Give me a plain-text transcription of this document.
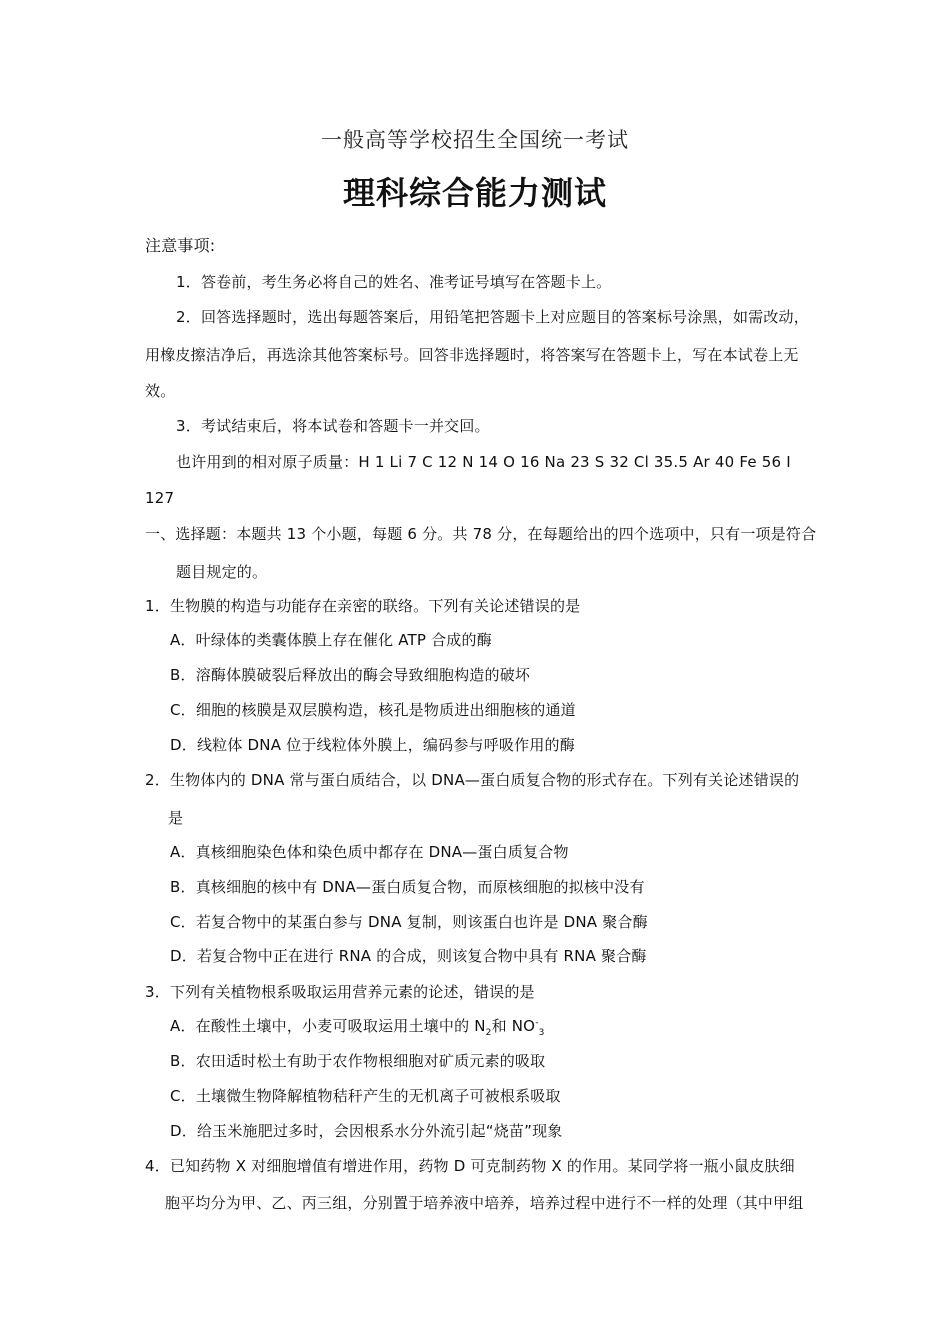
一般高等学校招生全国统一考试
理科综合能力测试
注意事项:
1．答卷前，考生务必将自己的姓名、准考证号填写在答题卡上。
2．回答选择题时，选出每题答案后，用铅笔把答题卡上对应题目的答案标号涂黑，如需改动，
用橡皮擦洁净后，再选涂其他答案标号。回答非选择题时，将答案写在答题卡上，写在本试卷上无
效。
3．考试结束后，将本试卷和答题卡一并交回。
也许用到的相对原子质量：H 1 Li 7 C 12 N 14 O 16 Na 23 S 32 Cl 35.5 Ar 40 Fe 56 I
127
一、选择题：本题共 13 个小题，每题 6 分。共 78 分，在每题给出的四个选项中，只有一项是符合
题目规定的。
1．生物膜的构造与功能存在亲密的联络。下列有关论述错误的是
A．叶绿体的类囊体膜上存在催化 ATP 合成的酶
B．溶酶体膜破裂后释放出的酶会导致细胞构造的破坏
C．细胞的核膜是双层膜构造，核孔是物质进出细胞核的通道
D．线粒体 DNA 位于线粒体外膜上，编码参与呼吸作用的酶
2．生物体内的 DNA 常与蛋白质结合，以 DNA—蛋白质复合物的形式存在。下列有关论述错误的
是
A．真核细胞染色体和染色质中都存在 DNA—蛋白质复合物
B．真核细胞的核中有 DNA—蛋白质复合物，而原核细胞的拟核中没有
C．若复合物中的某蛋白参与 DNA 复制，则该蛋白也许是 DNA 聚合酶
D．若复合物中正在进行 RNA 的合成，则该复合物中具有 RNA 聚合酶
3．下列有关植物根系吸取运用营养元素的论述，错误的是
A．在酸性土壤中，小麦可吸取运用土壤中的 $N_2$和 $NO^-_3$
B．农田适时松土有助于农作物根细胞对矿质元素的吸取
C．土壤微生物降解植物秸秆产生的无机离子可被根系吸取
D．给玉米施肥过多时，会因根系水分外流引起“烧苗”现象
4．已知药物 X 对细胞增值有增进作用，药物 D 可克制药物 X 的作用。某同学将一瓶小鼠皮肤细
胞平均分为甲、乙、丙三组，分别置于培养液中培养，培养过程中进行不一样的处理（其中甲组
